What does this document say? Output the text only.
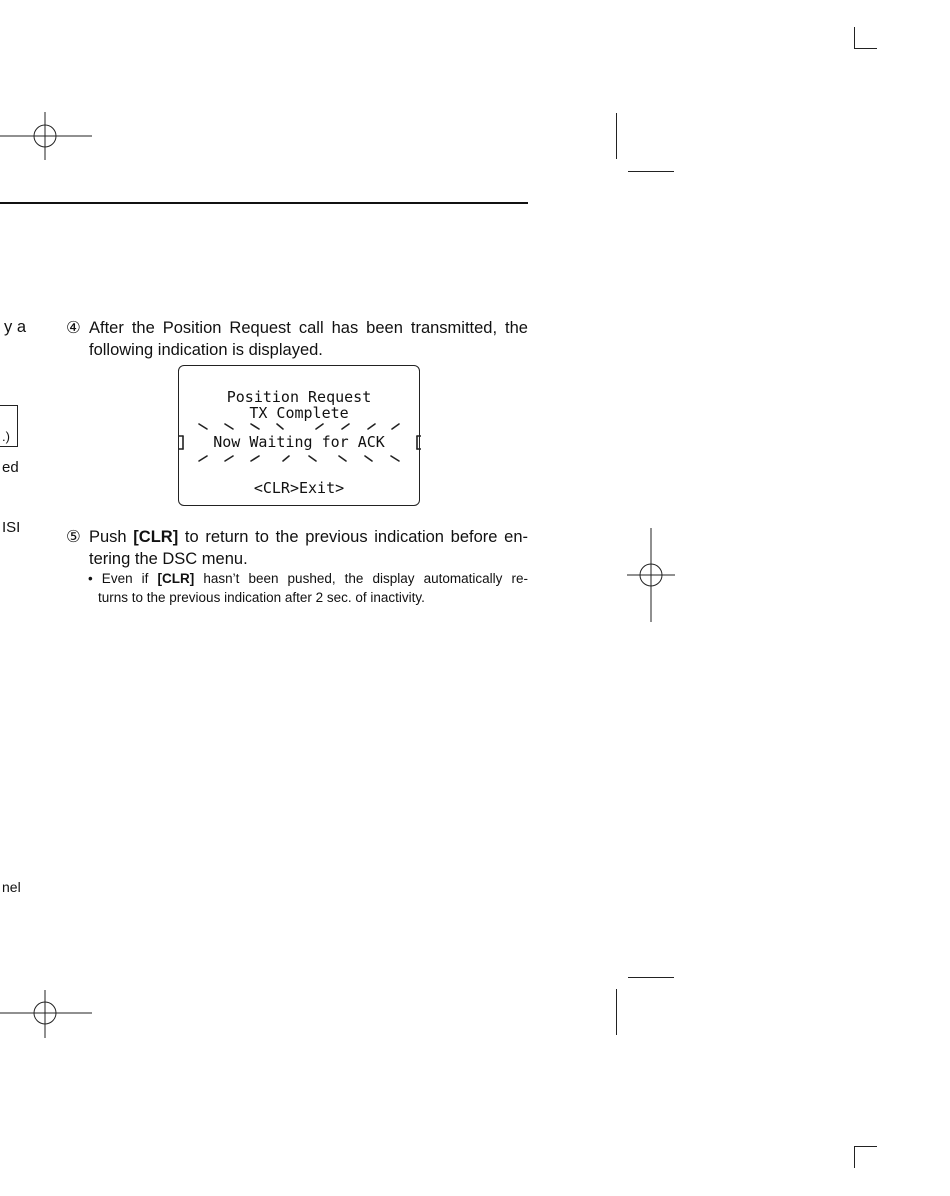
y a
.)
ed
ISI
nel
④ After the Position Request call has been transmitted, the
following indication is displayed.
Position Request
TX Complete
Now Waiting for ACK
<CLR>Exit>
⑤ Push [CLR] to return to the previous indication before en-
tering the DSC menu.
• Even if [CLR] hasn’t been pushed, the display automatically re-
turns to the previous indication after 2 sec. of inactivity.
